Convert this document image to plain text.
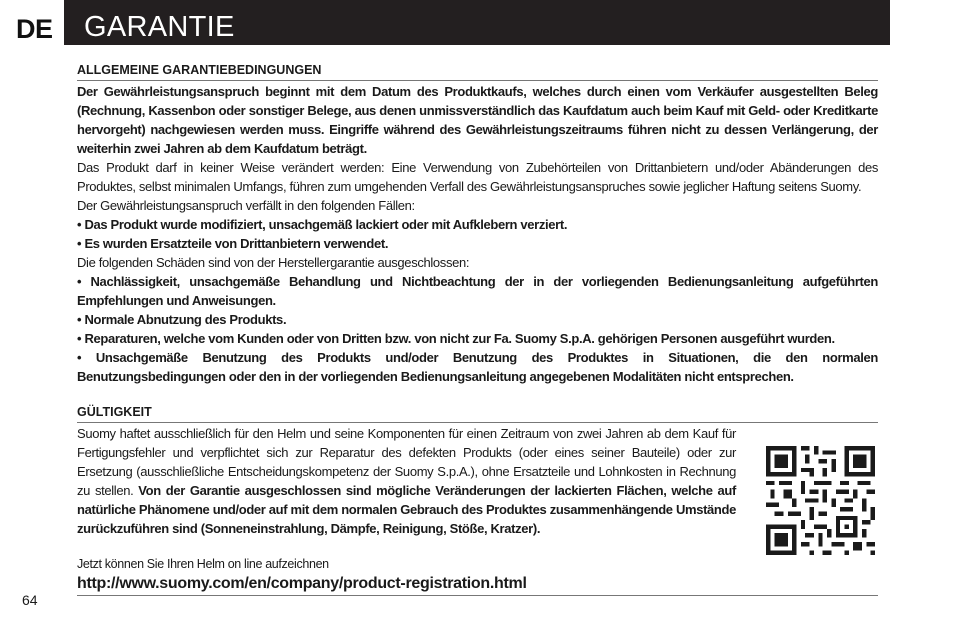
DE GARANTIE
ALLGEMEINE GARANTIEBEDINGUNGEN

Der Gewährleistungsanspruch beginnt mit dem Datum des Produktkaufs, welches durch einen vom Verkäufer ausgestellten Beleg (Rechnung, Kassenbon oder sonstiger Belege, aus denen unmissverständlich das Kaufdatum auch beim Kauf mit Geld- oder Kreditkarte hervorgeht) nachgewiesen werden muss. Eingriffe während des Gewährleistungszeitraums führen nicht zu dessen Verlängerung, der weiterhin zwei Jahren ab dem Kaufdatum beträgt.

Das Produkt darf in keiner Weise verändert werden: Eine Verwendung von Zubehörteilen von Drittanbietern und/oder Abänderungen des Produktes, selbst minimalen Umfangs, führen zum umgehenden Verfall des Gewährleistungsanspruches sowie jeglicher Haftung seitens Suomy.

Der Gewährleistungsanspruch verfällt in den folgenden Fällen:

• Das Produkt wurde modifiziert, unsachgemäß lackiert oder mit Aufklebern verziert.

• Es wurden Ersatzteile von Drittanbietern verwendet.

Die folgenden Schäden sind von der Herstellergarantie ausgeschlossen:

• Nachlässigkeit, unsachgemäße Behandlung und Nichtbeachtung der in der vorliegenden Bedienungsanleitung aufgeführten Empfehlungen und Anweisungen.

• Normale Abnutzung des Produkts.

• Reparaturen, welche vom Kunden oder von Dritten bzw. von nicht zur Fa. Suomy S.p.A. gehörigen Personen ausgeführt wurden.

• Unsachgemäße Benutzung des Produkts und/oder Benutzung des Produktes in Situationen, die den normalen Benutzungsbedingungen oder den in der vorliegenden Bedienungsanleitung angegebenen Modalitäten nicht entsprechen.

GÜLTIGKEIT

Suomy haftet ausschließlich für den Helm und seine Komponenten für einen Zeitraum von zwei Jahren ab dem Kauf für Fertigungsfehler und verpflichtet sich zur Reparatur des defekten Produkts (oder eines seiner Bauteile) oder zur Ersetzung (ausschließliche Entscheidungskompetenz der Suomy S.p.A.), ohne Ersatzteile und Lohnkosten in Rechnung zu stellen. Von der Garantie ausgeschlossen sind mögliche Veränderungen der lackierten Flächen, welche auf natürliche Phänomene und/oder auf mit dem normalen Gebrauch des Produktes zusammenhängende Umstände zurückzuführen sind (Sonneneinstrahlung, Dämpfe, Reinigung, Stöße, Kratzer).

Jetzt können Sie Ihren Helm on line aufzeichnen
http://www.suomy.com/en/company/product-registration.html
64
